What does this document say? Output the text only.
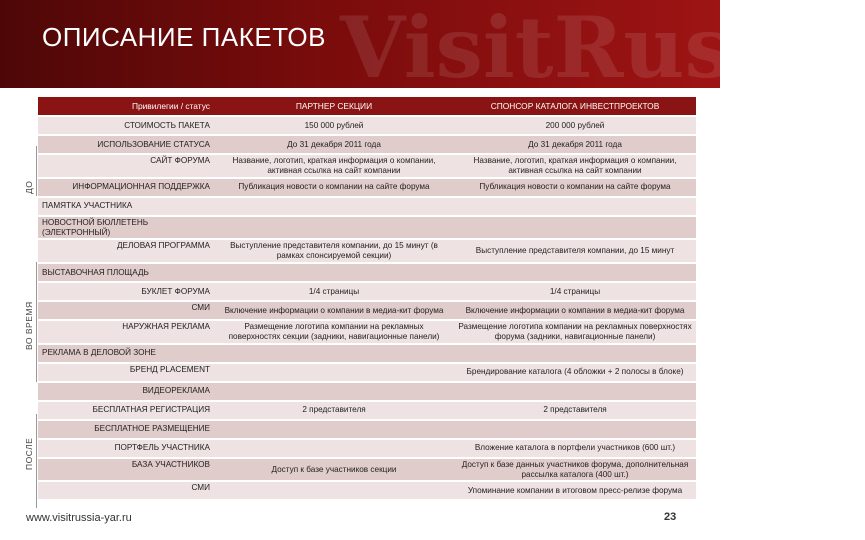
VisitRussia
ОПИСАНИЕ ПАКЕТОВ
ДО
ВО ВРЕМЯ
ПОСЛЕ
Привилегии / статус	ПАРТНЕР СЕКЦИИ	СПОНСОР КАТАЛОГА ИНВЕСТПРОЕКТОВ
СТОИМОСТЬ ПАКЕТА	150 000 рублей	200 000 рублей
ИСПОЛЬЗОВАНИЕ СТАТУСА	До 31 декабря 2011 года	До 31 декабря 2011 года
САЙТ ФОРУМА	Название, логотип, краткая информация о компании, активная ссылка на сайт компании	Название, логотип, краткая информация о компании, активная ссылка на сайт компании
ИНФОРМАЦИОННАЯ ПОДДЕРЖКА	Публикация новости о компании на сайте форума	Публикация новости о компании на сайте форума
ПАМЯТКА УЧАСТНИКА		
НОВОСТНОЙ БЮЛЛЕТЕНЬ (ЭЛЕКТРОННЫЙ)		
ДЕЛОВАЯ ПРОГРАММА	Выступление представителя компании, до 15 минут (в рамках спонсируемой секции)	Выступление представителя компании, до 15 минут
ВЫСТАВОЧНАЯ ПЛОЩАДЬ		
БУКЛЕТ ФОРУМА	1/4 страницы	1/4 страницы
СМИ	Включение информации о компании в медиа-кит форума	Включение информации о компании в медиа-кит форума
НАРУЖНАЯ РЕКЛАМА	Размещение логотипа компании на рекламных поверхностях секции (задники, навигационные панели)	Размещение логотипа компании на рекламных поверхностях форума (задники, навигационные панели)
РЕКЛАМА В ДЕЛОВОЙ ЗОНЕ		
БРЕНД PLACEMENT		Брендирование каталога (4 обложки + 2 полосы в блоке)
ВИДЕОРЕКЛАМА		
БЕСПЛАТНАЯ РЕГИСТРАЦИЯ	2 представителя	2 представителя
БЕСПЛАТНОЕ РАЗМЕЩЕНИЕ		
ПОРТФЕЛЬ УЧАСТНИКА		Вложение каталога в портфели участников (600 шт.)
БАЗА УЧАСТНИКОВ	Доступ к базе участников секции	Доступ к базе данных участников форума, дополнительная рассылка каталога (400 шт.)
СМИ		Упоминание компании в итоговом пресс-релизе форума
www.visitrussia-yar.ru	23
